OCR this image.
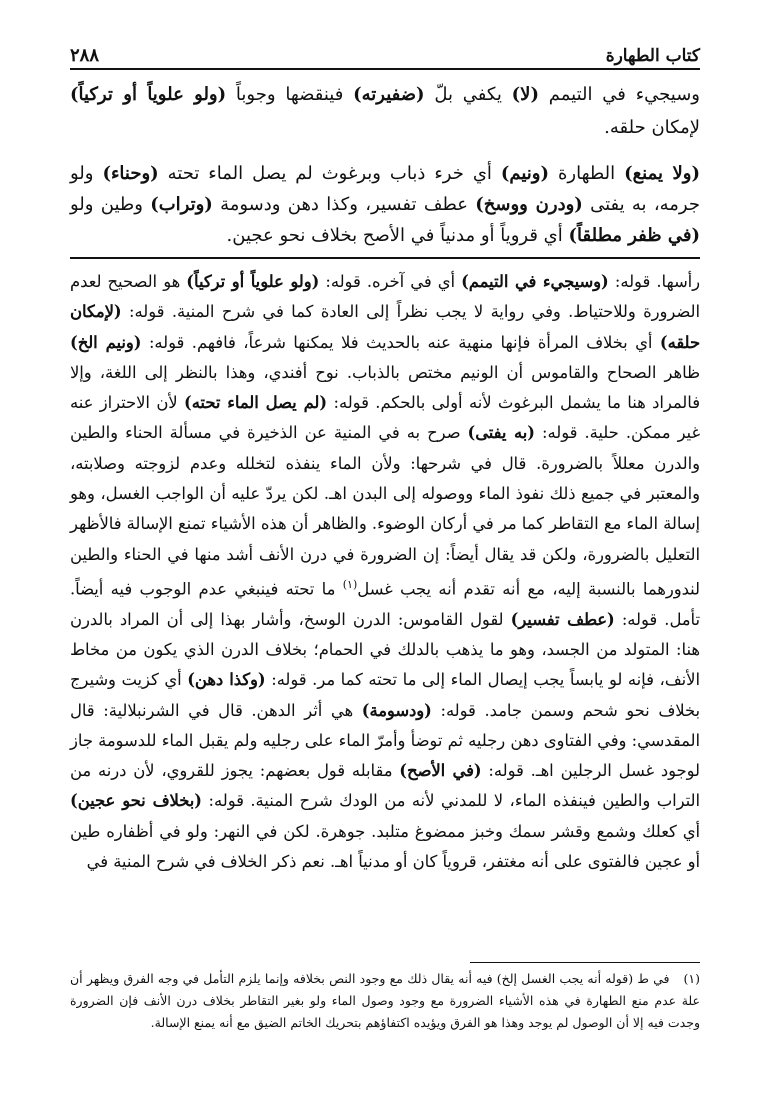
كتاب الطهارة
٢٨٨

وسيجيء في التيمم (لا) يكفي بلّ (ضفيرته) فينقضها وجوباً (ولو علوياً أو تركياً) لإمكان حلقه.

(ولا يمنع) الطهارة (ونيم) أي خرء ذباب وبرغوث لم يصل الماء تحته (وحناء) ولو جرمه، به يفتى (ودرن ووسخ) عطف تفسير، وكذا دهن ودسومة (وتراب) وطين ولو (في ظفر مطلقاً) أي قروياً أو مدنياً في الأصح بخلاف نحو عجين.

رأسها. قوله: (وسيجيء في التيمم) أي في آخره. قوله: (ولو علوياً أو تركياً) هو الصحيح لعدم الضرورة وللاحتياط. وفي رواية لا يجب نظراً إلى العادة كما في شرح المنية. قوله: (لإمكان حلقه) أي بخلاف المرأة فإنها منهية عنه بالحديث فلا يمكنها شرعاً، فافهم. قوله: (ونيم الخ) ظاهر الصحاح والقاموس أن الونيم مختص بالذباب. نوح أفندي، وهذا بالنظر إلى اللغة، وإلا فالمراد هنا ما يشمل البرغوث لأنه أولى بالحكم. قوله: (لم يصل الماء تحته) لأن الاحتراز عنه غير ممكن. حلية. قوله: (به يفتى) صرح به في المنية عن الذخيرة في مسألة الحناء والطين والدرن معللاً بالضرورة. قال في شرحها: ولأن الماء ينفذه لتخلله وعدم لزوجته وصلابته، والمعتبر في جميع ذلك نفوذ الماء ووصوله إلى البدن اهـ. لكن يردّ عليه أن الواجب الغسل، وهو إسالة الماء مع التقاطر كما مر في أركان الوضوء. والظاهر أن هذه الأشياء تمنع الإسالة فالأظهر التعليل بالضرورة، ولكن قد يقال أيضاً: إن الضرورة في درن الأنف أشد منها في الحناء والطين لندورهما بالنسبة إليه، مع أنه تقدم أنه يجب غسل$^{(١)}$ ما تحته فينبغي عدم الوجوب فيه أيضاً. تأمل. قوله: (عطف تفسير) لقول القاموس: الدرن الوسخ، وأشار بهذا إلى أن المراد بالدرن هنا: المتولد من الجسد، وهو ما يذهب بالدلك في الحمام؛ بخلاف الدرن الذي يكون من مخاط الأنف، فإنه لو يابساً يجب إيصال الماء إلى ما تحته كما مر. قوله: (وكذا دهن) أي كزيت وشيرج بخلاف نحو شحم وسمن جامد. قوله: (ودسومة) هي أثر الدهن. قال في الشرنبلالية: قال المقدسي: وفي الفتاوى دهن رجليه ثم توضأ وأمرّ الماء على رجليه ولم يقبل الماء للدسومة جاز لوجود غسل الرجلين اهـ. قوله: (في الأصح) مقابله قول بعضهم: يجوز للقروي، لأن درنه من التراب والطين فينفذه الماء، لا للمدني لأنه من الودك شرح المنية. قوله: (بخلاف نحو عجين) أي كعلك وشمع وقشر سمك وخبز ممضوغ متلبد. جوهرة. لكن في النهر: ولو في أظفاره طين أو عجين فالفتوى على أنه مغتفر، قروياً كان أو مدنياً اهـ. نعم ذكر الخلاف في شرح المنية في

(١)في ط (قوله أنه يجب الغسل إلخ) فيه أنه يقال ذلك مع وجود النص بخلافه وإنما يلزم التأمل في وجه الفرق ويظهر أن علة عدم منع الطهارة في هذه الأشياء الضرورة مع وجود وصول الماء ولو بغير التقاطر بخلاف درن الأنف فإن الضرورة وجدت فيه إلا أن الوصول لم يوجد وهذا هو الفرق ويؤيده اكتفاؤهم بتحريك الخاتم الضيق مع أنه يمنع الإسالة.
